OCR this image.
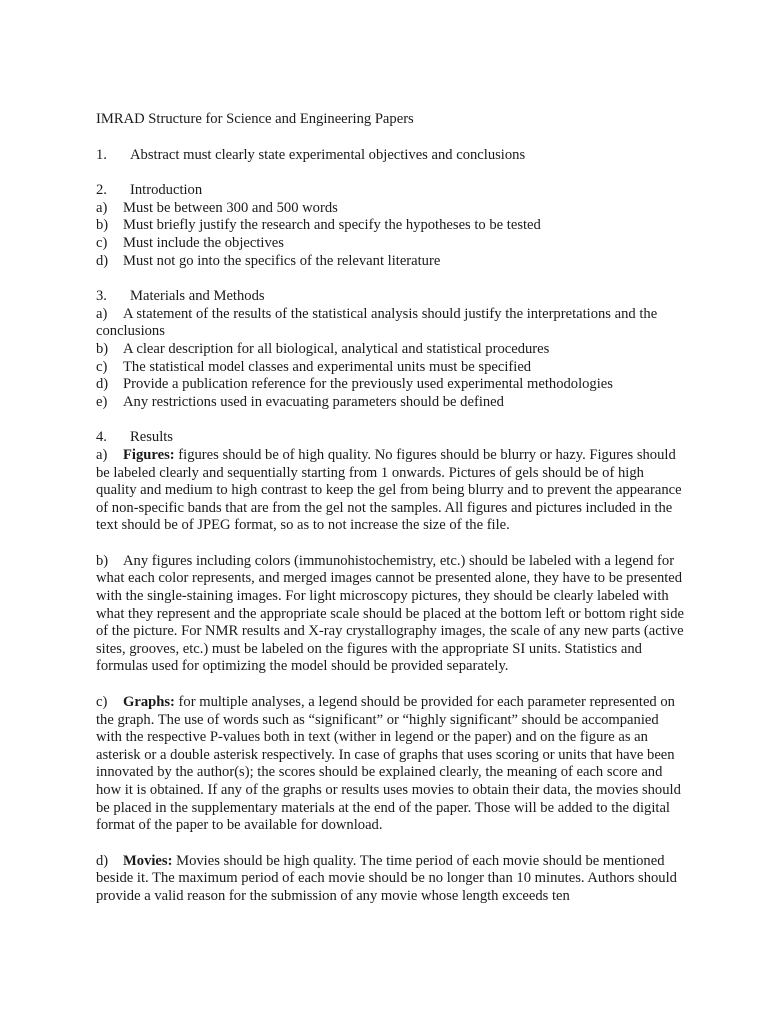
IMRAD Structure for Science and Engineering Papers
1. Abstract must clearly state experimental objectives and conclusions
2. Introduction
a) Must be between 300 and 500 words
b) Must briefly justify the research and specify the hypotheses to be tested
c) Must include the objectives
d) Must not go into the specifics of the relevant literature
3. Materials and Methods
a) A statement of the results of the statistical analysis should justify the interpretations and the conclusions
b) A clear description for all biological, analytical and statistical procedures
c) The statistical model classes and experimental units must be specified
d) Provide a publication reference for the previously used experimental methodologies
e) Any restrictions used in evacuating parameters should be defined
4. Results
a) Figures: figures should be of high quality. No figures should be blurry or hazy. Figures should be labeled clearly and sequentially starting from 1 onwards. Pictures of gels should be of high quality and medium to high contrast to keep the gel from being blurry and to prevent the appearance of non-specific bands that are from the gel not the samples. All figures and pictures included in the text should be of JPEG format, so as to not increase the size of the file.
b) Any figures including colors (immunohistochemistry, etc.) should be labeled with a legend for what each color represents, and merged images cannot be presented alone, they have to be presented with the single-staining images. For light microscopy pictures, they should be clearly labeled with what they represent and the appropriate scale should be placed at the bottom left or bottom right side of the picture. For NMR results and X-ray crystallography images, the scale of any new parts (active sites, grooves, etc.) must be labeled on the figures with the appropriate SI units. Statistics and formulas used for optimizing the model should be provided separately.
c) Graphs: for multiple analyses, a legend should be provided for each parameter represented on the graph. The use of words such as “significant” or “highly significant” should be accompanied with the respective P-values both in text (wither in legend or the paper) and on the figure as an asterisk or a double asterisk respectively. In case of graphs that uses scoring or units that have been innovated by the author(s); the scores should be explained clearly, the meaning of each score and how it is obtained. If any of the graphs or results uses movies to obtain their data, the movies should be placed in the supplementary materials at the end of the paper. Those will be added to the digital format of the paper to be available for download.
d) Movies: Movies should be high quality. The time period of each movie should be mentioned beside it. The maximum period of each movie should be no longer than 10 minutes. Authors should provide a valid reason for the submission of any movie whose length exceeds ten
